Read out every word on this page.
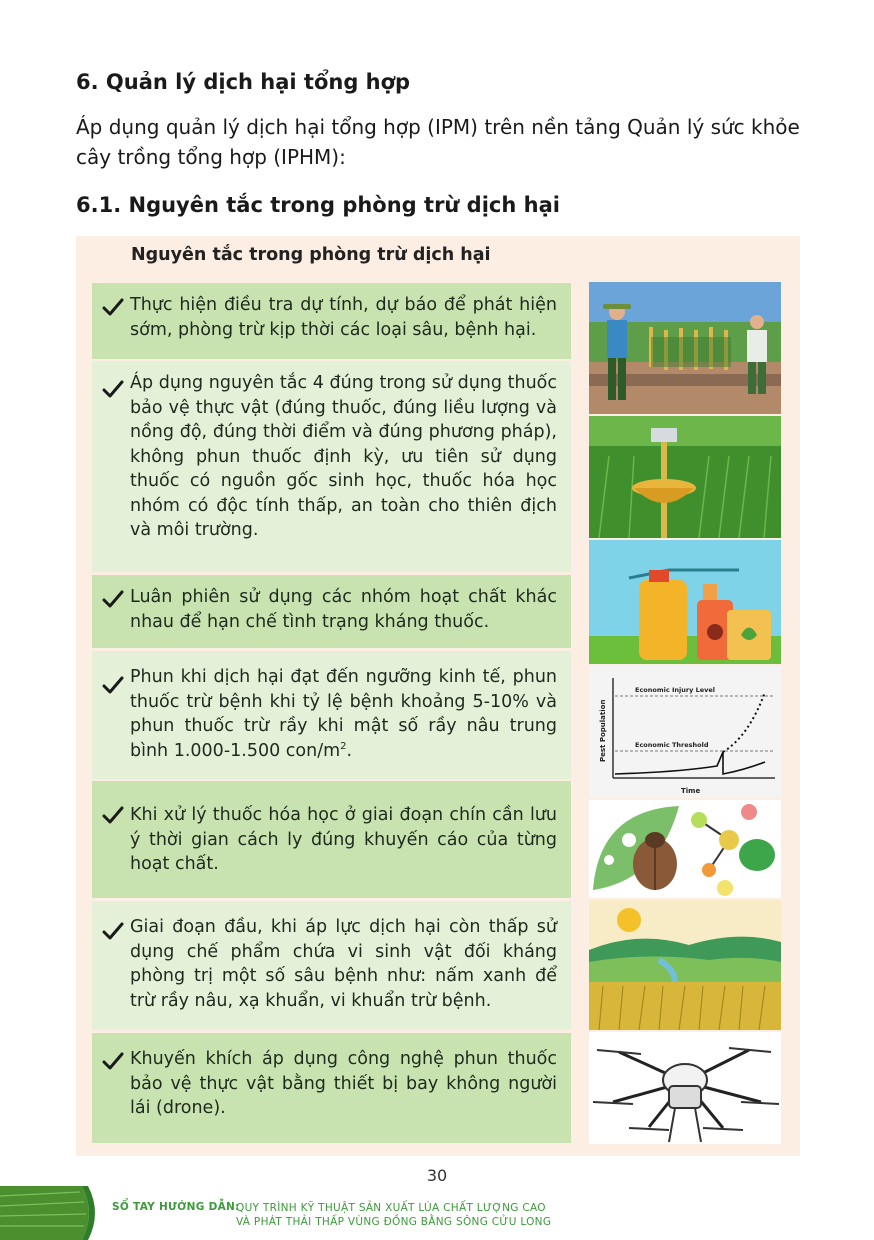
6. Quản lý dịch hại tổng hợp
Áp dụng quản lý dịch hại tổng hợp (IPM) trên nền tảng Quản lý sức khỏe cây trồng tổng hợp (IPHM):
6.1. Nguyên tắc trong phòng trừ dịch hại
Nguyên tắc trong phòng trừ dịch hại
Thực hiện điều tra dự tính, dự báo để phát hiện sớm, phòng trừ kịp thời các loại sâu, bệnh hại.
Áp dụng nguyên tắc 4 đúng trong sử dụng thuốc bảo vệ thực vật (đúng thuốc, đúng liều lượng và nồng độ, đúng thời điểm và đúng phương pháp), không phun thuốc định kỳ, ưu tiên sử dụng thuốc có nguồn gốc sinh học, thuốc hóa học nhóm có độc tính thấp, an toàn cho thiên địch và môi trường.
Luân phiên sử dụng các nhóm hoạt chất khác nhau để hạn chế tình trạng kháng thuốc.
Phun khi dịch hại đạt đến ngưỡng kinh tế, phun thuốc trừ bệnh khi tỷ lệ bệnh khoảng 5-10% và phun thuốc trừ rầy khi mật số rầy nâu trung bình 1.000-1.500 con/$m^2$.
Khi xử lý thuốc hóa học ở giai đoạn chín cần lưu ý thời gian cách ly đúng khuyến cáo của từng hoạt chất.
Giai đoạn đầu, khi áp lực dịch hại còn thấp sử dụng chế phẩm chứa vi sinh vật đối kháng phòng trị một số sâu bệnh như: nấm xanh để trừ rầy nâu, xạ khuẩn, vi khuẩn trừ bệnh.
Khuyến khích áp dụng công nghệ phun thuốc bảo vệ thực vật bằng thiết bị bay không người lái (drone).
Economic Injury Level
Economic Threshold
Time
Pest Population
30
SỔ TAY HƯỚNG DẪN:
QUY TRÌNH KỸ THUẬT SẢN XUẤT LÚA CHẤT LƯỢNG CAO
VÀ PHÁT THẢI THẤP VÙNG ĐỒNG BẰNG SÔNG CỬU LONG
